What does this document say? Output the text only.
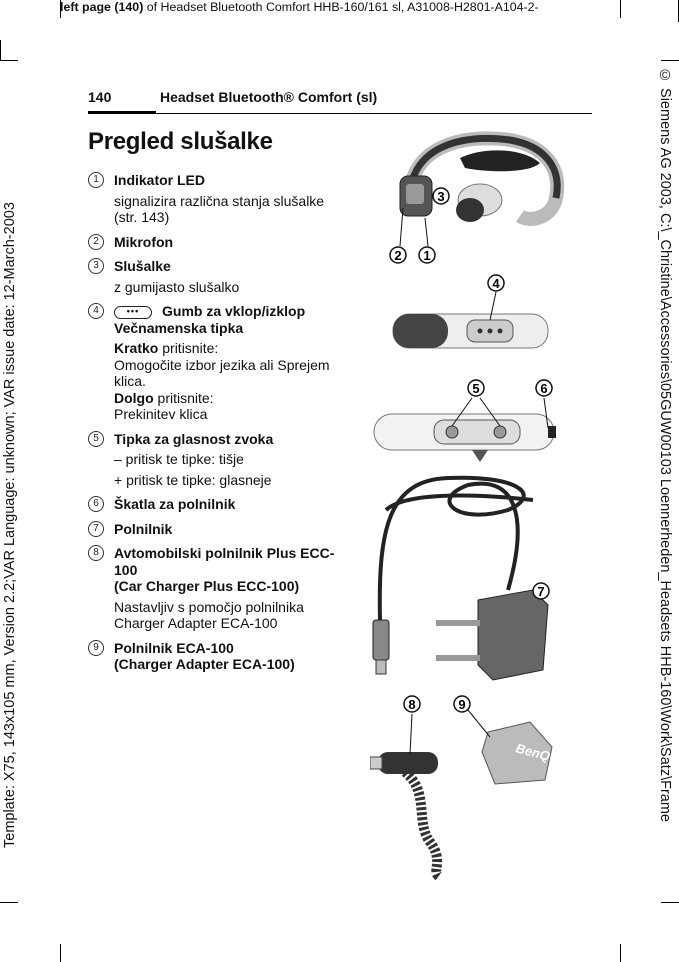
left page (140) of Headset Bluetooth Comfort HHB-160/161 sl, A31008-H2801-A104-2-
Template: X75, 143x105 mm, Version 2.2;VAR Language: unknown; VAR issue date: 12-March-2003	© Siemens AG 2003, C:\_Christine\Accessories\05GUW00103 Loennerheden_Headsets HHB-160\Work\Satz\Frame
140	Headset Bluetooth® Comfort (sl)
Pregled slušalke
1	Indikator LED
signalizira različna stanja slušalke (str. 143)
2	Mikrofon
3	Slušalke
z gumijasto slušalko
4	••• Gumb za vklop/izklop Večnamenska tipka
Kratko pritisnite:
Omogočite izbor jezika ali Sprejem klica.
Dolgo pritisnite:
Prekinitev klica
5	Tipka za glasnost zvoka
– pritisk te tipke: tišje
+ pritisk te tipke: glasneje
6	Škatla za polnilnik
7	Polnilnik
8	Avtomobilski polnilnik Plus ECC-100
(Car Charger Plus ECC-100)
Nastavljiv s pomočjo polnilnika Charger Adapter ECA-100
9	Polnilnik ECA-100
(Charger Adapter ECA-100)
3
2 1
4
5	6
7
BenQ
8	9
